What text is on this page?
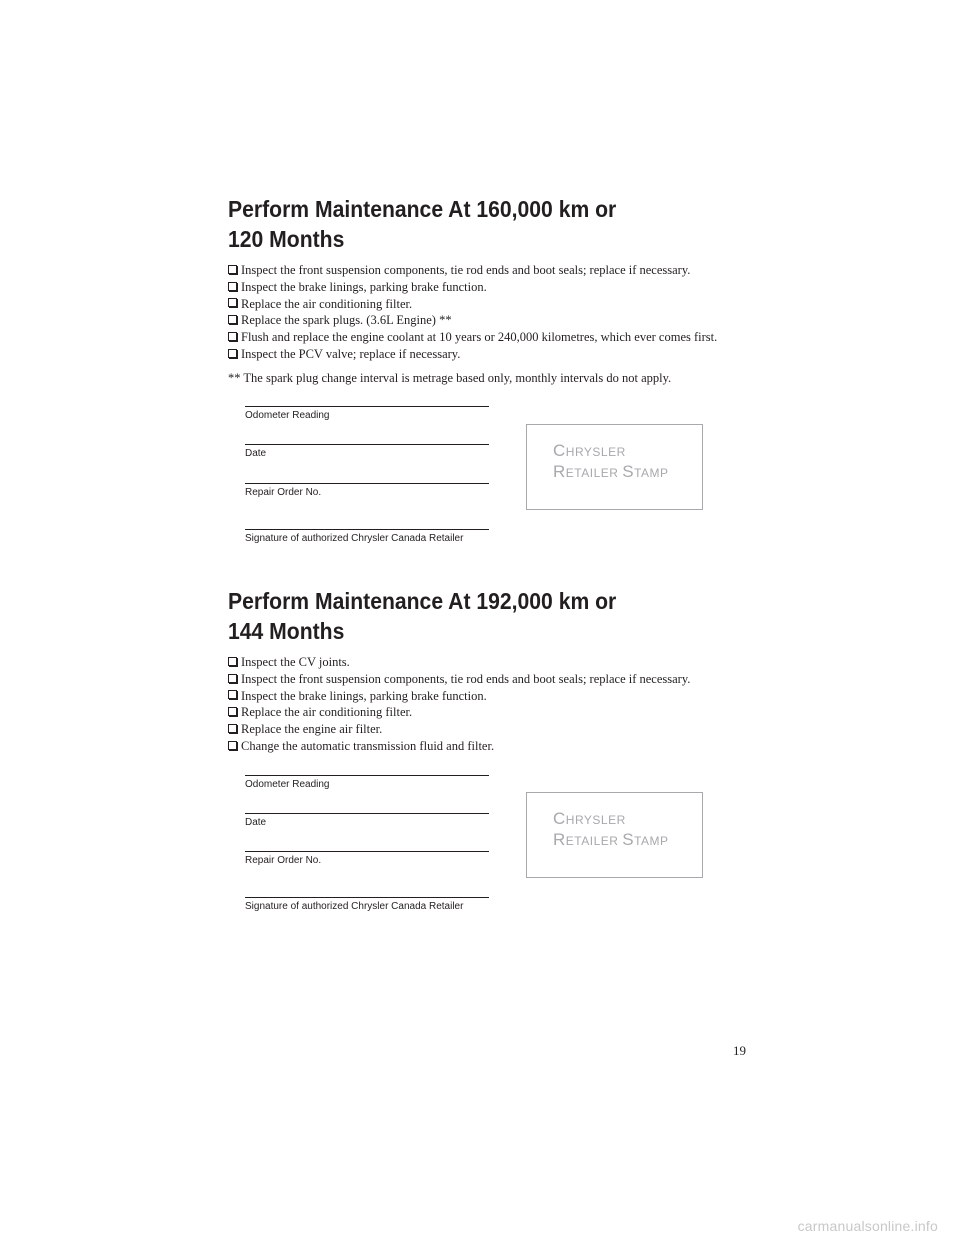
Perform Maintenance At 160,000 km or
120 Months
Inspect the front suspension components, tie rod ends and boot seals; replace if necessary.
Inspect the brake linings, parking brake function.
Replace the air conditioning filter.
Replace the spark plugs. (3.6L Engine) **
Flush and replace the engine coolant at 10 years or 240,000 kilometres, which ever comes first.
Inspect the PCV valve; replace if necessary.

** The spark plug change interval is metrage based only, monthly intervals do not apply.

Odometer Reading
Date
Repair Order No.
Signature of authorized Chrysler Canada Retailer
CHRYSLER
RETAILER STAMP
Perform Maintenance At 192,000 km or
144 Months
Inspect the CV joints.
Inspect the front suspension components, tie rod ends and boot seals; replace if necessary.
Inspect the brake linings, parking brake function.
Replace the air conditioning filter.
Replace the engine air filter.
Change the automatic transmission fluid and filter.
Odometer Reading
Date
Repair Order No.
Signature of authorized Chrysler Canada Retailer
CHRYSLER
RETAILER STAMP
19
carmanualsonline.info
